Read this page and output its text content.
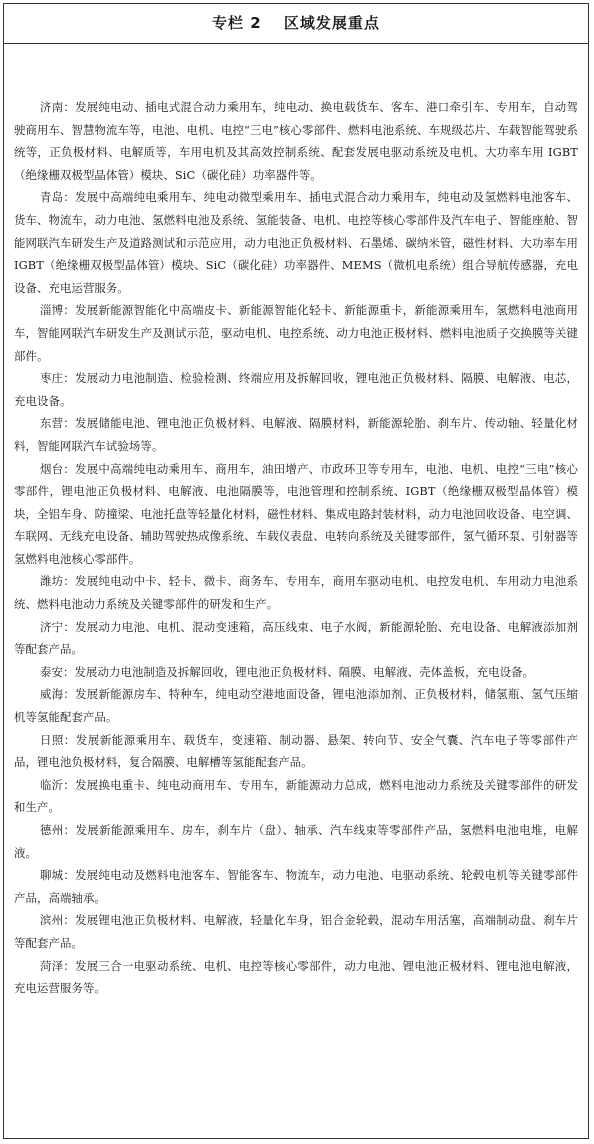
专栏 2　 区域发展重点

济南：发展纯电动、插电式混合动力乘用车，纯电动、换电载货车、客车、港口牵引车、专用车，自动驾驶商用车、智慧物流车等，电池、电机、电控“三电”核心零部件、燃料电池系统、车规级芯片、车载智能驾驶系统等，正负极材料、电解质等，车用电机及其高效控制系统、配套发展电驱动系统及电机、大功率车用 IGBT（绝缘栅双极型晶体管）模块、SiC（碳化硅）功率器件等。

青岛：发展中高端纯电乘用车、纯电动微型乘用车、插电式混合动力乘用车，纯电动及氢燃料电池客车、货车、物流车，动力电池、氢燃料电池及系统、氢能装备、电机、电控等核心零部件及汽车电子、智能座舱、智能网联汽车研发生产及道路测试和示范应用，动力电池正负极材料、石墨烯、碳纳米管，磁性材料、大功率车用 IGBT（绝缘栅双极型晶体管）模块、SiC（碳化硅）功率器件、MEMS（微机电系统）组合导航传感器，充电设备、充电运营服务。

淄博：发展新能源智能化中高端皮卡、新能源智能化轻卡、新能源重卡，新能源乘用车，氢燃料电池商用车，智能网联汽车研发生产及测试示范，驱动电机、电控系统、动力电池正极材料、燃料电池质子交换膜等关键部件。

枣庄：发展动力电池制造、检验检测、终端应用及拆解回收，锂电池正负极材料、隔膜、电解液、电芯，充电设备。

东营：发展储能电池、锂电池正负极材料、电解液、隔膜材料，新能源轮胎、刹车片、传动轴、轻量化材料，智能网联汽车试验场等。

烟台：发展中高端纯电动乘用车、商用车，油田增产、市政环卫等专用车，电池、电机、电控“三电”核心零部件，锂电池正负极材料、电解液、电池隔膜等，电池管理和控制系统、IGBT（绝缘栅双极型晶体管）模块，全铝车身、防撞梁、电池托盘等轻量化材料，磁性材料、集成电路封装材料，动力电池回收设备、电空调、车联网、无线充电设备、辅助驾驶热成像系统、车载仪表盘、电转向系统及关键零部件，氢气循环泵、引射器等氢燃料电池核心零部件。

潍坊：发展纯电动中卡、轻卡、微卡、商务车、专用车，商用车驱动电机、电控发电机、车用动力电池系统、燃料电池动力系统及关键零部件的研发和生产。

济宁：发展动力电池、电机、混动变速箱，高压线束、电子水阀，新能源轮胎、充电设备、电解液添加剂等配套产品。

泰安：发展动力电池制造及拆解回收，锂电池正负极材料、隔膜、电解液、壳体盖板，充电设备。

威海：发展新能源房车、特种车，纯电动空港地面设备，锂电池添加剂、正负极材料，储氢瓶、氢气压缩机等氢能配套产品。

日照：发展新能源乘用车、载货车，变速箱、制动器、悬架、转向节、安全气囊、汽车电子等零部件产品，锂电池负极材料，复合隔膜、电解槽等氢能配套产品。

临沂：发展换电重卡、纯电动商用车、专用车，新能源动力总成，燃料电池动力系统及关键零部件的研发和生产。

德州：发展新能源乘用车、房车，刹车片（盘）、轴承、汽车线束等零部件产品，氢燃料电池电堆，电解液。

聊城：发展纯电动及燃料电池客车、智能客车、物流车，动力电池、电驱动系统、轮毂电机等关键零部件产品，高端轴承。

滨州：发展锂电池正负极材料、电解液，轻量化车身，铝合金轮毂，混动车用活塞，高端制动盘、刹车片等配套产品。

菏泽：发展三合一电驱动系统、电机、电控等核心零部件，动力电池、锂电池正极材料、锂电池电解液，充电运营服务等。
